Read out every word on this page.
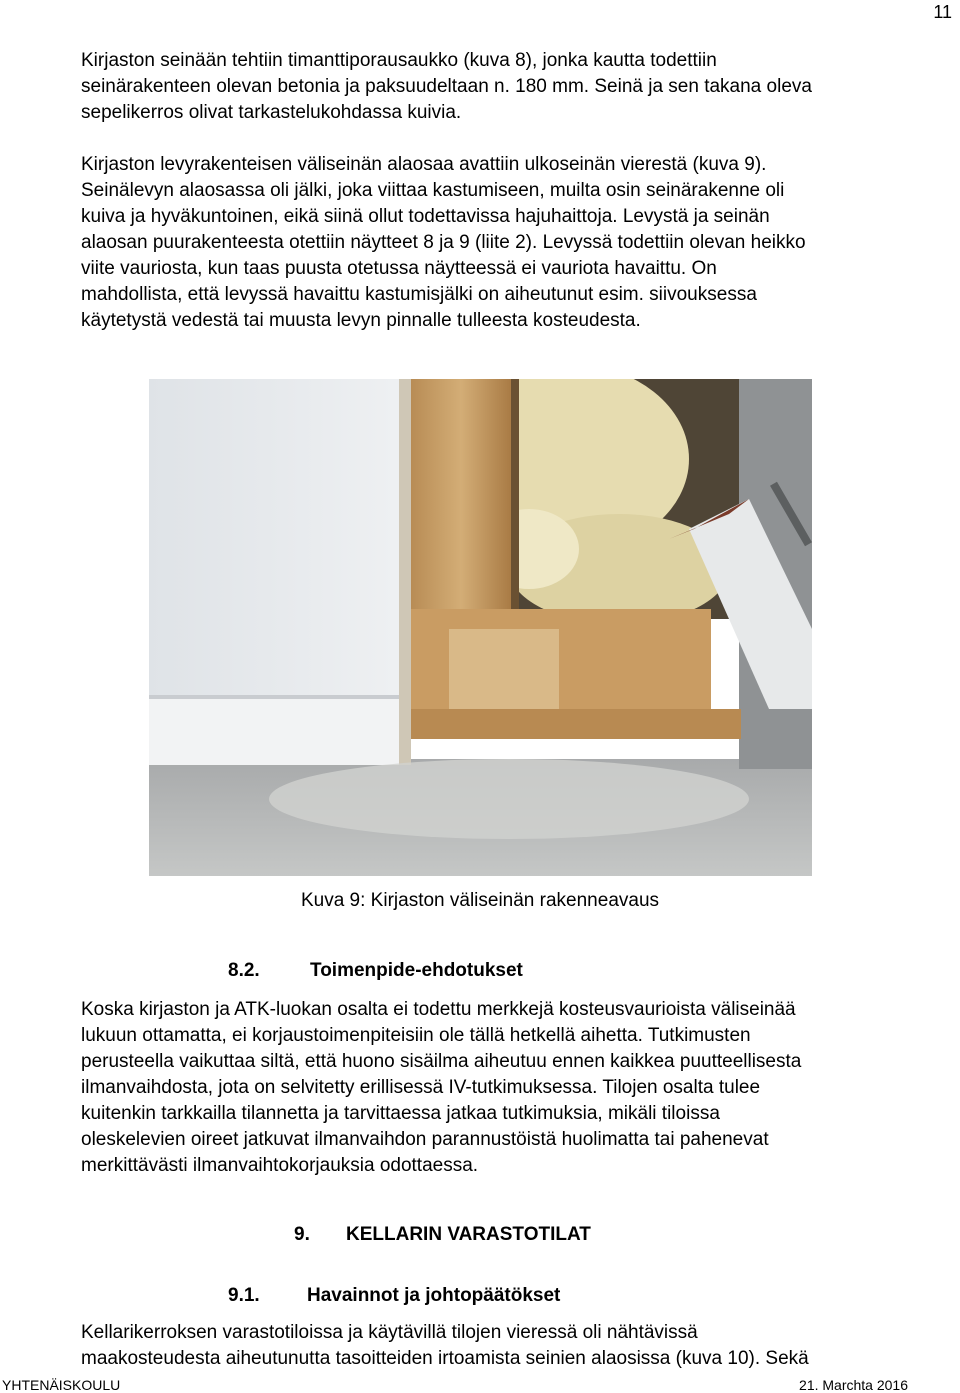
11

Kirjaston seinään tehtiin timanttiporausaukko (kuva 8), jonka kautta todettiin
seinärakenteen olevan betonia ja paksuudeltaan n. 180 mm. Seinä ja sen takana oleva
sepelikerros olivat tarkastelukohdassa kuivia.

Kirjaston levyrakenteisen väliseinän alaosaa avattiin ulkoseinän vierestä (kuva 9).
Seinälevyn alaosassa oli jälki, joka viittaa kastumiseen, muilta osin seinärakenne oli
kuiva ja hyväkuntoinen, eikä siinä ollut todettavissa hajuhaittoja. Levystä ja seinän
alaosan puurakenteesta otettiin näytteet 8 ja 9 (liite 2). Levyssä todettiin olevan heikko
viite vauriosta, kun taas puusta otetussa näytteessä ei vauriota havaittu. On
mahdollista, että levyssä havaittu kastumisjälki on aiheutunut esim. siivouksessa
käytetystä vedestä tai muusta levyn pinnalle tulleesta kosteudesta.

Kuva 9: Kirjaston väliseinän rakenneavaus
8.2.	Toimenpide-ehdotukset

Koska kirjaston ja ATK-luokan osalta ei todettu merkkejä kosteusvaurioista väliseinää
lukuun ottamatta, ei korjaustoimenpiteisiin ole tällä hetkellä aihetta. Tutkimusten
perusteella vaikuttaa siltä, että huono sisäilma aiheutuu ennen kaikkea puutteellisesta
ilmanvaihdosta, jota on selvitetty erillisessä IV-tutkimuksessa. Tilojen osalta tulee
kuitenkin tarkkailla tilannetta ja tarvittaessa jatkaa tutkimuksia, mikäli tiloissa
oleskelevien oireet jatkuvat ilmanvaihdon parannustöistä huolimatta tai pahenevat
merkittävästi ilmanvaihtokorjauksia odottaessa.

9. KELLARIN VARASTOTILAT
9.1. Havainnot ja johtopäätökset

Kellarikerroksen varastotiloissa ja käytävillä tilojen vieressä oli nähtävissä
maakosteudesta aiheutunutta tasoitteiden irtoamista seinien alaosissa (kuva 10). Sekä

YHTENÄISKOULU	21. Marchta 2016
